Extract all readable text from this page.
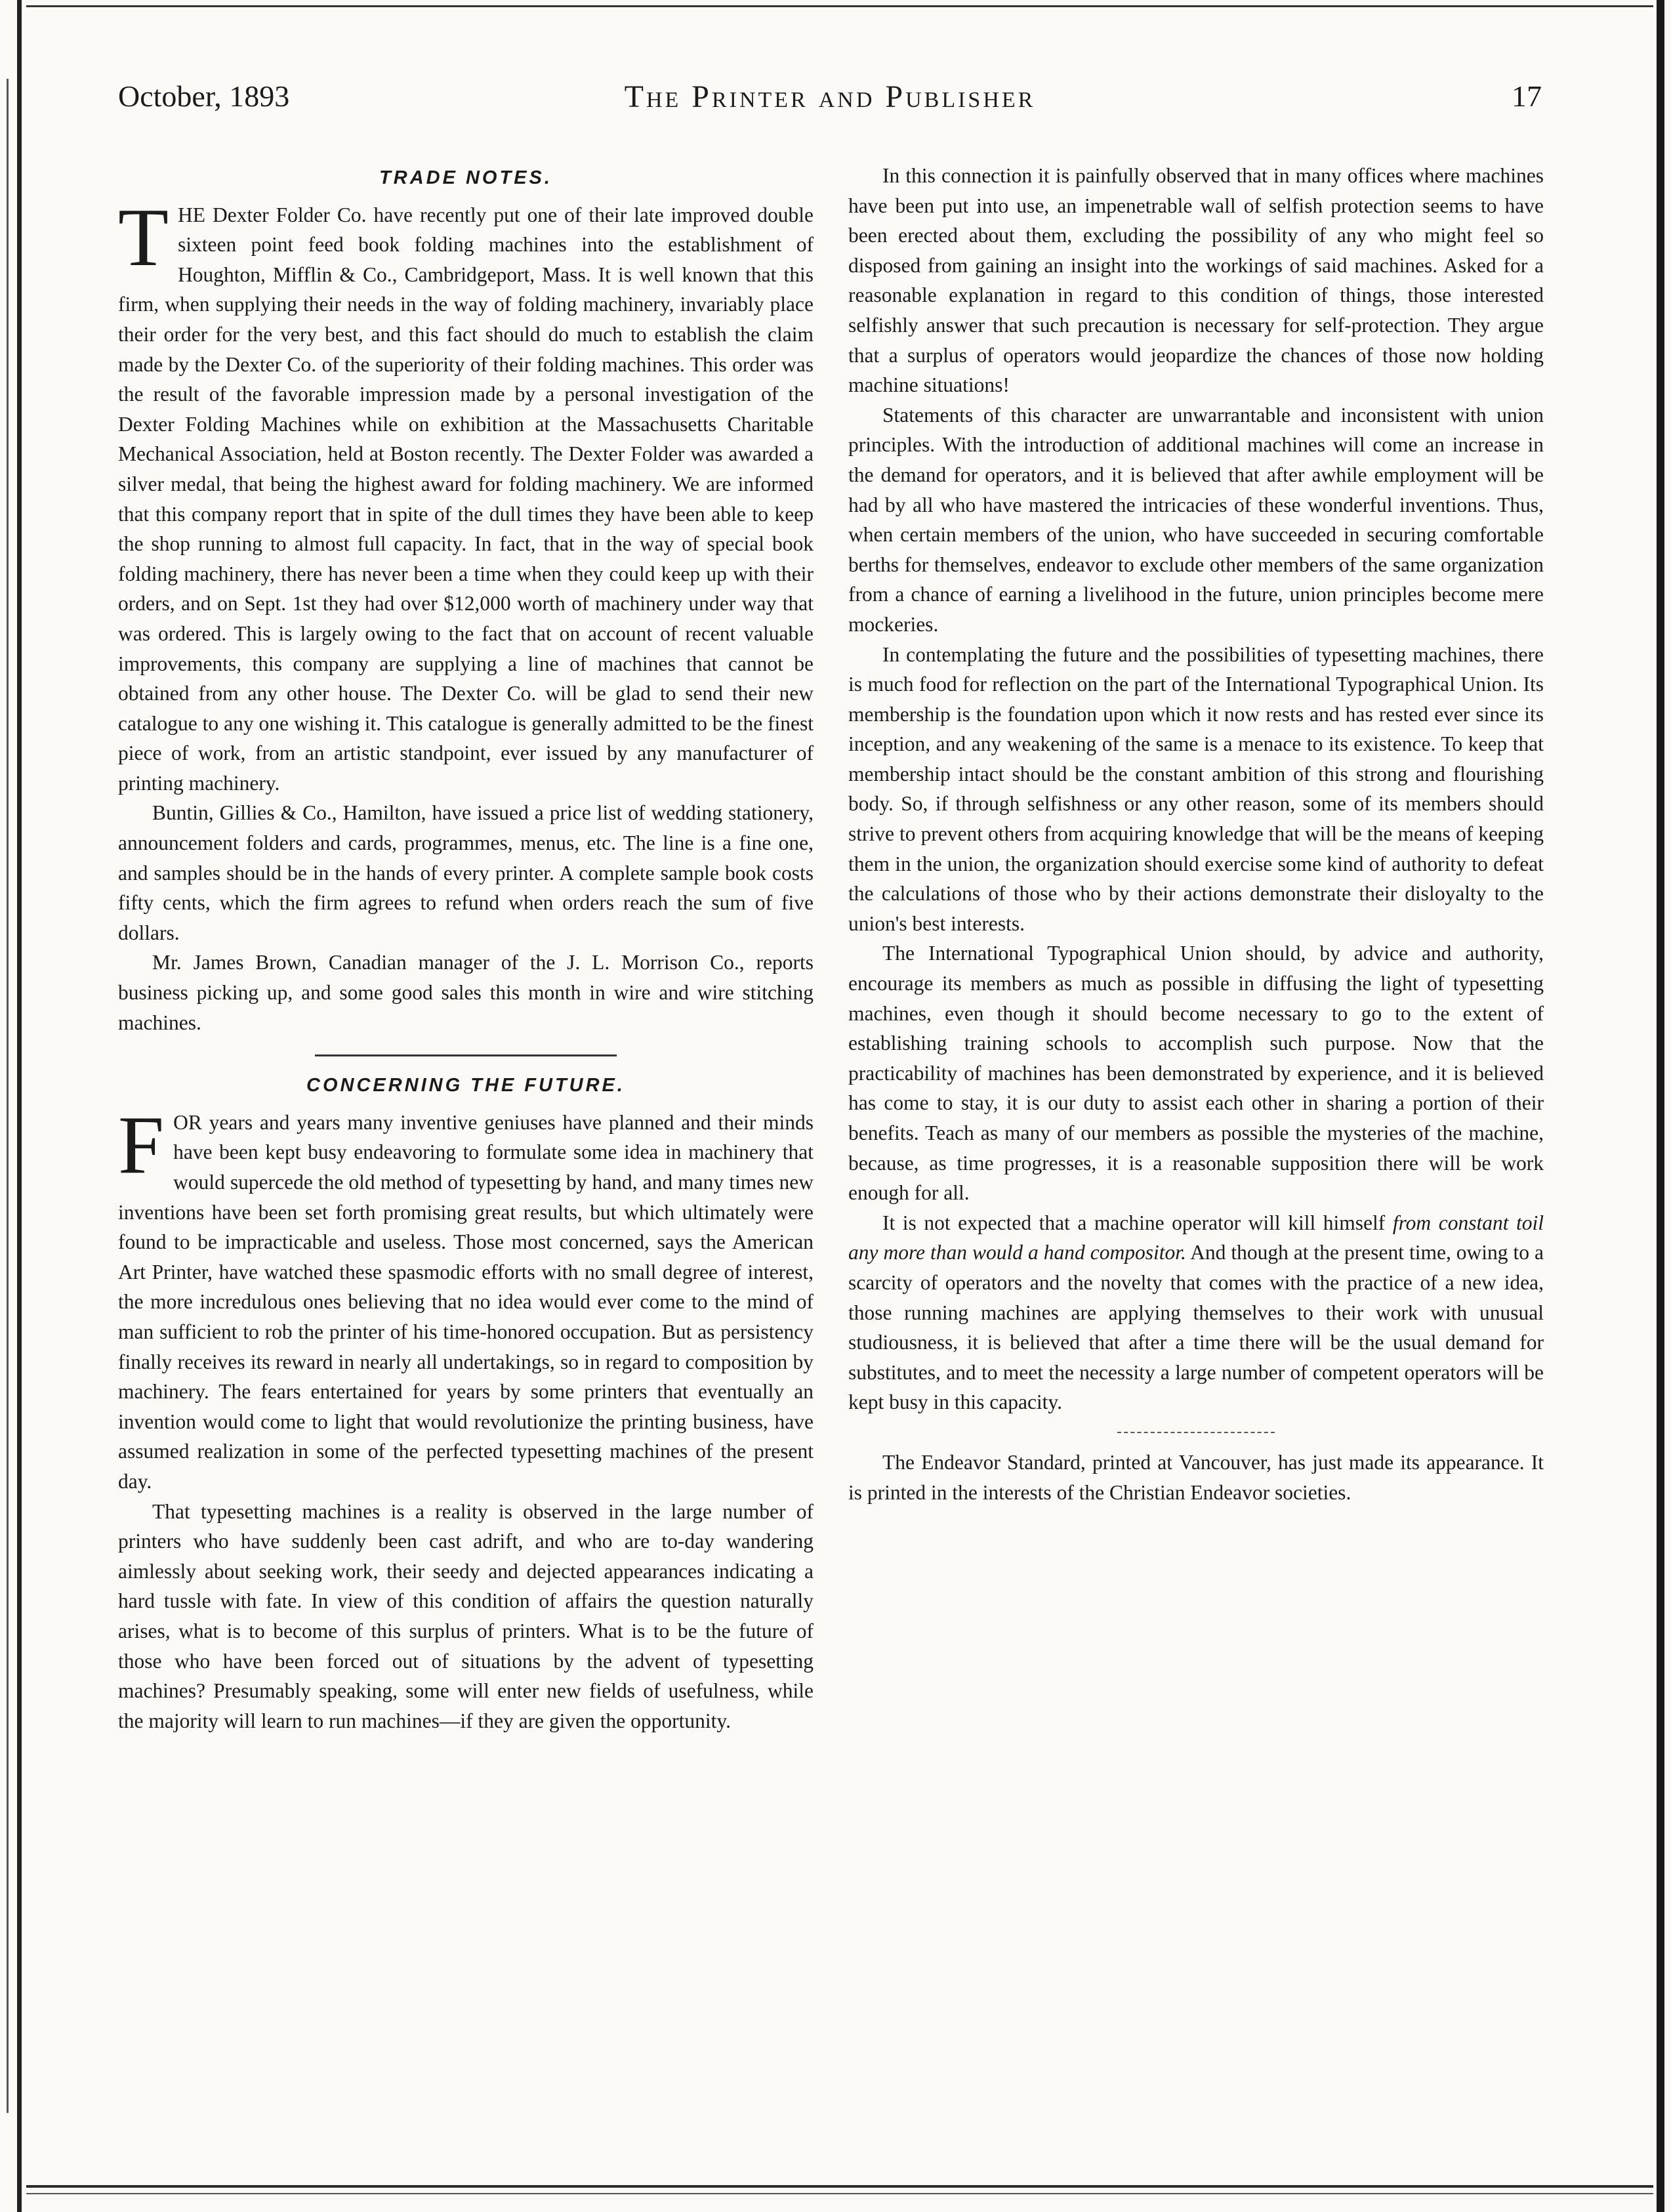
October, 1893	The Printer and Publisher	17
TRADE NOTES.

THE Dexter Folder Co. have recently put one of their late improved double sixteen point feed book folding machines into the establishment of Houghton, Mifflin & Co., Cambridgeport, Mass. It is well known that this firm, when supplying their needs in the way of folding machinery, invariably place their order for the very best, and this fact should do much to establish the claim made by the Dexter Co. of the superiority of their folding machines. This order was the result of the favorable impression made by a personal investigation of the Dexter Folding Machines while on exhibition at the Massachusetts Charitable Mechanical Association, held at Boston recently. The Dexter Folder was awarded a silver medal, that being the highest award for folding machinery. We are informed that this company report that in spite of the dull times they have been able to keep the shop running to almost full capacity. In fact, that in the way of special book folding machinery, there has never been a time when they could keep up with their orders, and on Sept. 1st they had over $12,000 worth of machinery under way that was ordered. This is largely owing to the fact that on account of recent valuable improvements, this company are supplying a line of machines that cannot be obtained from any other house. The Dexter Co. will be glad to send their new catalogue to any one wishing it. This catalogue is generally admitted to be the finest piece of work, from an artistic standpoint, ever issued by any manufacturer of printing machinery.

Buntin, Gillies & Co., Hamilton, have issued a price list of wedding stationery, announcement folders and cards, programmes, menus, etc. The line is a fine one, and samples should be in the hands of every printer. A complete sample book costs fifty cents, which the firm agrees to refund when orders reach the sum of five dollars.

Mr. James Brown, Canadian manager of the J. L. Morrison Co., reports business picking up, and some good sales this month in wire and wire stitching machines.

CONCERNING THE FUTURE.

FOR years and years many inventive geniuses have planned and their minds have been kept busy endeavoring to formulate some idea in machinery that would supercede the old method of typesetting by hand, and many times new inventions have been set forth promising great results, but which ultimately were found to be impracticable and useless. Those most concerned, says the American Art Printer, have watched these spasmodic efforts with no small degree of interest, the more incredulous ones believing that no idea would ever come to the mind of man sufficient to rob the printer of his time-honored occupation. But as persistency finally receives its reward in nearly all undertakings, so in regard to composition by machinery. The fears entertained for years by some printers that eventually an invention would come to light that would revolutionize the printing business, have assumed realization in some of the perfected typesetting machines of the present day.

That typesetting machines is a reality is observed in the large number of printers who have suddenly been cast adrift, and who are to-day wandering aimlessly about seeking work, their seedy and dejected appearances indicating a hard tussle with fate. In view of this condition of affairs the question naturally arises, what is to become of this surplus of printers. What is to be the future of those who have been forced out of situations by the advent of typesetting machines? Presumably speaking, some will enter new fields of usefulness, while the majority will learn to run machines—if they are given the opportunity.

In this connection it is painfully observed that in many offices where machines have been put into use, an impenetrable wall of selfish protection seems to have been erected about them, excluding the possibility of any who might feel so disposed from gaining an insight into the workings of said machines. Asked for a reasonable explanation in regard to this condition of things, those interested selfishly answer that such precaution is necessary for self-protection. They argue that a surplus of operators would jeopardize the chances of those now holding machine situations!

Statements of this character are unwarrantable and inconsistent with union principles. With the introduction of additional machines will come an increase in the demand for operators, and it is believed that after awhile employment will be had by all who have mastered the intricacies of these wonderful inventions. Thus, when certain members of the union, who have succeeded in securing comfortable berths for themselves, endeavor to exclude other members of the same organization from a chance of earning a livelihood in the future, union principles become mere mockeries.

In contemplating the future and the possibilities of typesetting machines, there is much food for reflection on the part of the International Typographical Union. Its membership is the foundation upon which it now rests and has rested ever since its inception, and any weakening of the same is a menace to its existence. To keep that membership intact should be the constant ambition of this strong and flourishing body. So, if through selfishness or any other reason, some of its members should strive to prevent others from acquiring knowledge that will be the means of keeping them in the union, the organization should exercise some kind of authority to defeat the calculations of those who by their actions demonstrate their disloyalty to the union's best interests.

The International Typographical Union should, by advice and authority, encourage its members as much as possible in diffusing the light of typesetting machines, even though it should become necessary to go to the extent of establishing training schools to accomplish such purpose. Now that the practicability of machines has been demonstrated by experience, and it is believed has come to stay, it is our duty to assist each other in sharing a portion of their benefits. Teach as many of our members as possible the mysteries of the machine, because, as time progresses, it is a reasonable supposition there will be work enough for all.

It is not expected that a machine operator will kill himself from constant toil any more than would a hand compositor. And though at the present time, owing to a scarcity of operators and the novelty that comes with the practice of a new idea, those running machines are applying themselves to their work with unusual studiousness, it is believed that after a time there will be the usual demand for substitutes, and to meet the necessity a large number of competent operators will be kept busy in this capacity.

The Endeavor Standard, printed at Vancouver, has just made its appearance. It is printed in the interests of the Christian Endeavor societies.
